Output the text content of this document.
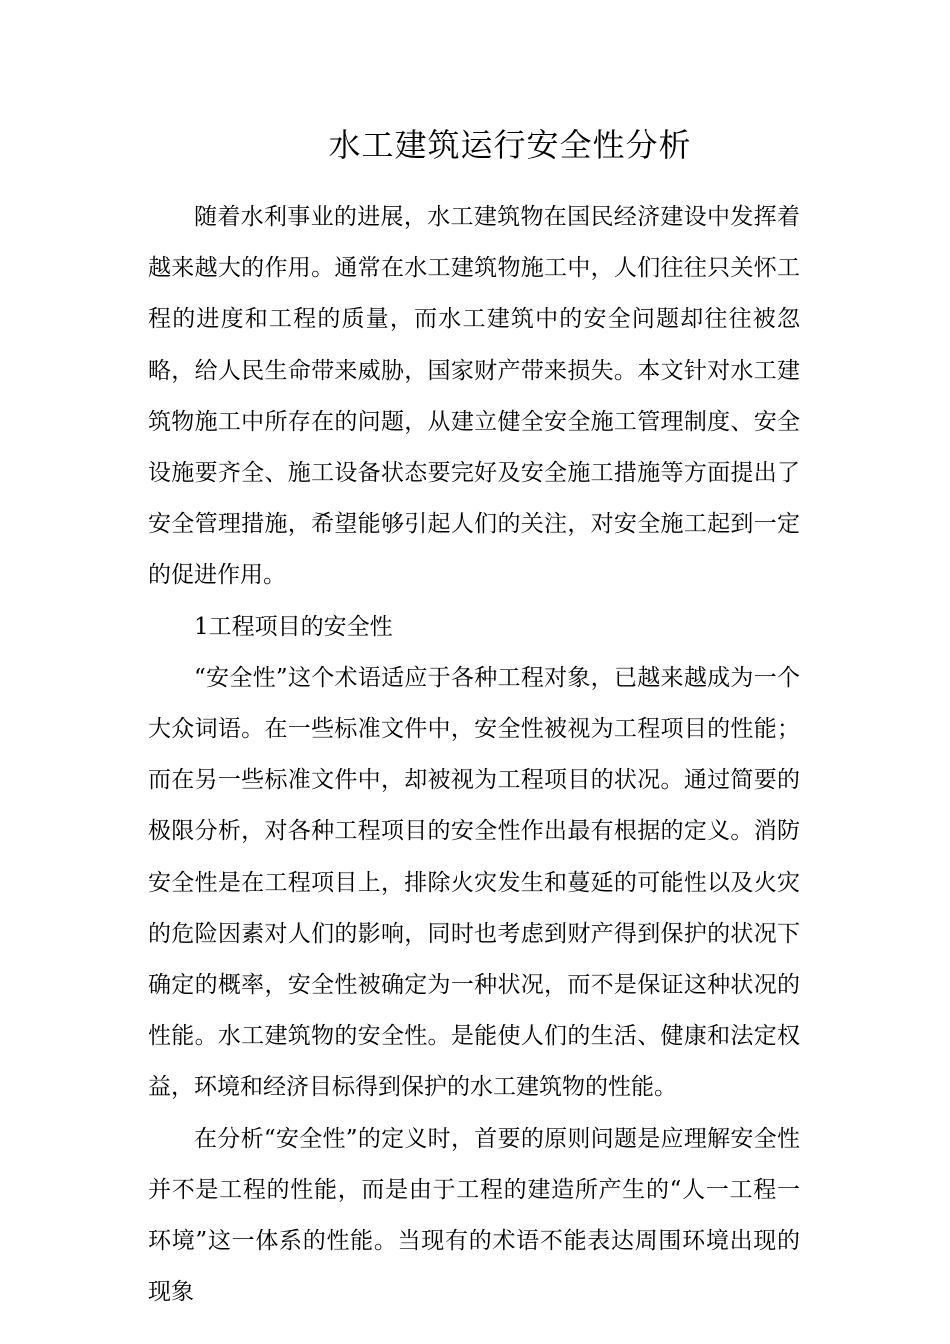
水工建筑运行安全性分析

随着水利事业的进展，水工建筑物在国民经济建设中发挥着越来越大的作用。通常在水工建筑物施工中，人们往往只关怀工程的进度和工程的质量，而水工建筑中的安全问题却往往被忽略，给人民生命带来威胁，国家财产带来损失。本文针对水工建筑物施工中所存在的问题，从建立健全安全施工管理制度、安全设施要齐全、施工设备状态要完好及安全施工措施等方面提出了安全管理措施，希望能够引起人们的关注，对安全施工起到一定的促进作用。

1工程项目的安全性

“安全性”这个术语适应于各种工程对象，已越来越成为一个大众词语。在一些标准文件中，安全性被视为工程项目的性能；而在另一些标准文件中，却被视为工程项目的状况。通过简要的极限分析，对各种工程项目的安全性作出最有根据的定义。消防安全性是在工程项目上，排除火灾发生和蔓延的可能性以及火灾的危险因素对人们的影响，同时也考虑到财产得到保护的状况下确定的概率，安全性被确定为一种状况，而不是保证这种状况的性能。水工建筑物的安全性。是能使人们的生活、健康和法定权益，环境和经济目标得到保护的水工建筑物的性能。

在分析“安全性”的定义时，首要的原则问题是应理解安全性并不是工程的性能，而是由于工程的建造所产生的“人一工程一环境”这一体系的性能。当现有的术语不能表达周围环境出现的现象
